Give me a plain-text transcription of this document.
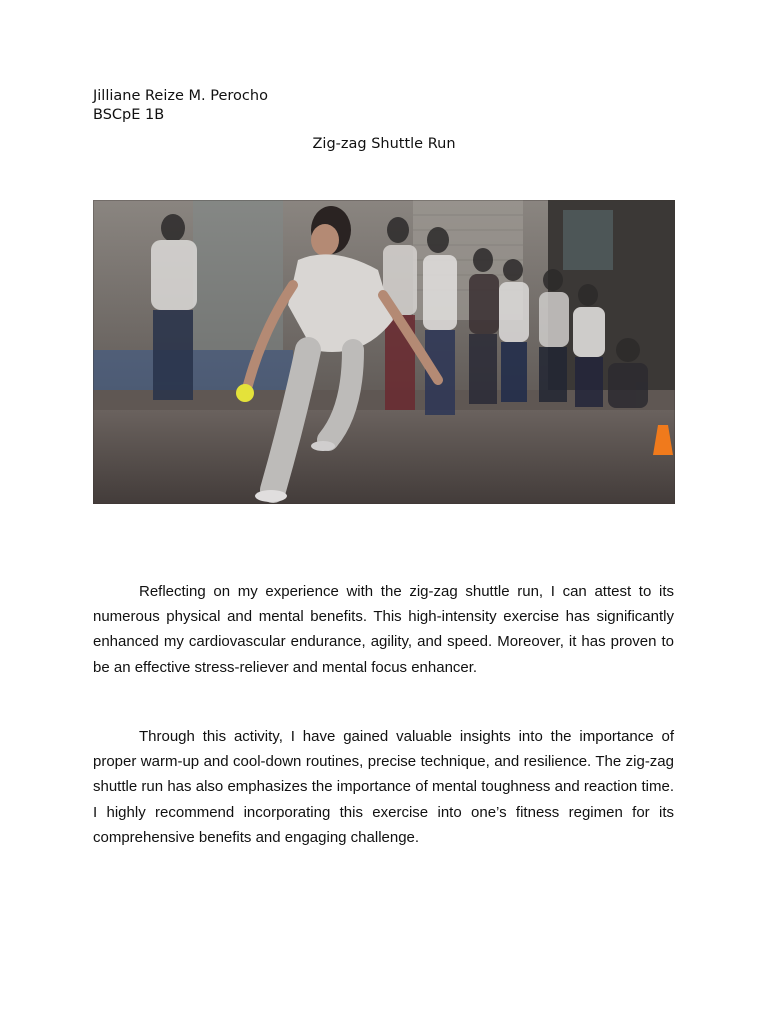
Jilliane Reize M. Perocho
BSCpE 1B
Zig-zag Shuttle Run

Reflecting on my experience with the zig-zag shuttle run, I can attest to its numerous physical and mental benefits. This high-intensity exercise has significantly enhanced my cardiovascular endurance, agility, and speed. Moreover, it has proven to be an effective stress-reliever and mental focus enhancer.

Through this activity, I have gained valuable insights into the importance of proper warm-up and cool-down routines, precise technique, and resilience. The zig-zag shuttle run has also emphasizes the importance of mental toughness and reaction time. I highly recommend incorporating this exercise into one’s fitness regimen for its comprehensive benefits and engaging challenge.
